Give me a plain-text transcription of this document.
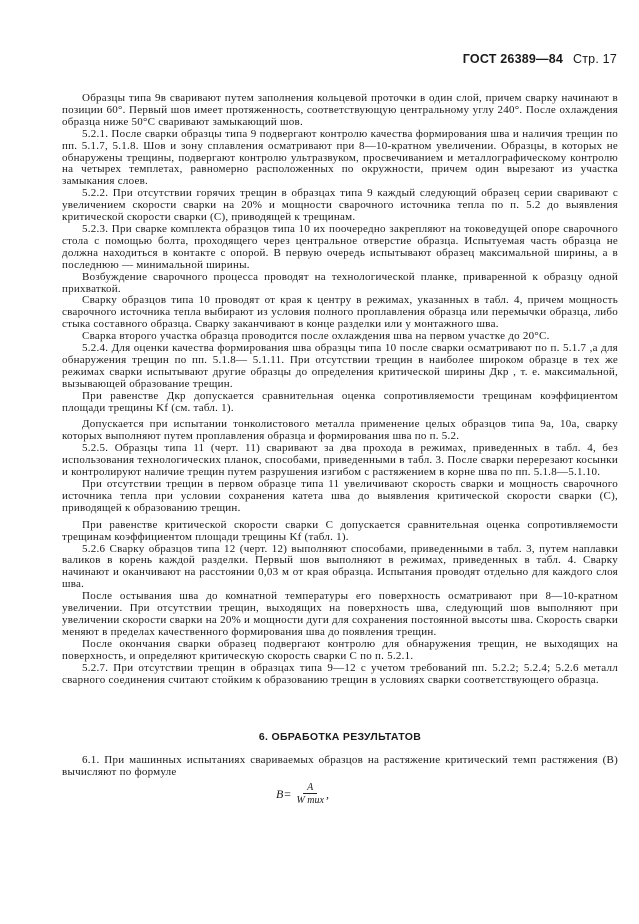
ГОСТ 26389—84 Стр. 17

Образцы типа 9в сваривают путем заполнения кольцевой проточки в один слой, причем сварку начинают в позиции 60°. Первый шов имеет протяженность, соответствующую центральному углу 240°. После охлаждения образца ниже 50°С сваривают замыкающий шов.

5.2.1. После сварки образцы типа 9 подвергают контролю качества формирования шва и наличия трещин по пп. 5.1.7, 5.1.8. Шов и зону сплавления осматривают при 8—10-кратном увеличении. Образцы, в которых не обнаружены трещины, подвергают контролю ультразвуком, просвечиванием и металлографическому контролю на четырех темплетах, равномерно расположенных по окружности, причем один вырезают из участка замыкания слоев.

5.2.2. При отсутствии горячих трещин в образцах типа 9 каждый следующий образец серии сваривают с увеличением скорости сварки на 20% и мощности сварочного источника тепла по п. 5.2 до выявления критической скорости сварки (C), приводящей к трещинам.

5.2.3. При сварке комплекта образцов типа 10 их поочередно закрепляют на токоведущей опоре сварочного стола с помощью болта, проходящего через центральное отверстие образца. Испытуемая часть образца не должна находиться в контакте с опорой. В первую очередь испытывают образец максимальной ширины, а в последнюю — минимальной ширины.

Возбуждение сварочного процесса проводят на технологической планке, приваренной к образцу одной прихваткой.

Сварку образцов типа 10 проводят от края к центру в режимах, указанных в табл. 4, причем мощность сварочного источника тепла выбирают из условия полного проплавления образца или перемычки образца, либо стыка составного образца. Сварку заканчивают в конце разделки или у монтажного шва.

Сварка второго участка образца проводится после охлаждения шва на первом участке до 20°С.

5.2.4. Для оценки качества формирования шва образцы типа 10 после сварки осматривают по п. 5.1.7 ,а для обнаружения трещин по пп. 5.1.8— 5.1.11. При отсутствии трещин в наиболее широком образце в тех же режимах сварки испытывают другие образцы до определения критической ширины Дкр , т. е. максимальной, вызывающей образование трещин.

При равенстве Дкр допускается сравнительная оценка сопротивляемости трещинам коэффициентом площади трещины Kf (см. табл. 1).

Допускается при испытании тонколистового металла применение целых образцов типа 9а, 10а, сварку которых выполняют путем проплавления образца и формирования шва по п. 5.2.

5.2.5. Образцы типа 11 (черт. 11) сваривают за два прохода в режимах, приведенных в табл. 4, без использования технологических планок, способами, приведенными в табл. 3. После сварки перерезают косынки и контролируют наличие трещин путем разрушения изгибом с растяжением в корне шва по пп. 5.1.8—5.1.10.

При отсутствии трещин в первом образце типа 11 увеличивают скорость сварки и мощность сварочного источника тепла при условии сохранения катета шва до выявления критической скорости сварки (C), приводящей к образованию трещин.

При равенстве критической скорости сварки C допускается сравнительная оценка сопротивляемости трещинам коэффициентом площади трещины Kf (табл. 1).

5.2.6 Сварку образцов типа 12 (черт. 12) выполняют способами, приведенными в табл. 3, путем наплавки валиков в корень каждой разделки. Первый шов выполняют в режимах, приведенных в табл. 4. Сварку начинают и оканчивают на расстоянии 0,03 м от края образца. Испытания проводят отдельно для каждого слоя шва.

После остывания шва до комнатной температуры его поверхность осматривают при 8—10-кратном увеличении. При отсутствии трещин, выходящих на поверхность шва, следующий шов выполняют при увеличении скорости сварки на 20% и мощности дуги для сохранения постоянной высоты шва. Скорость сварки меняют в пределах качественного формирования шва до появления трещин.

После окончания сварки образец подвергают контролю для обнаружения трещин, не выходящих на поверхность, и определяют критическую скорость сварки C по п. 5.2.1.

5.2.7. При отсутствии трещин в образцах типа 9—12 с учетом требований пп. 5.2.2; 5.2.4; 5.2.6 металл сварного соединения считают стойким к образованию трещин в условиях сварки соответствующего образца.

6. ОБРАБОТКА РЕЗУЛЬТАТОВ

6.1. При машинных испытаниях свариваемых образцов на растяжение критический темп растяжения (B) вычисляют по формуле

$B= \frac{A}{\text{W тих}}$ ,
